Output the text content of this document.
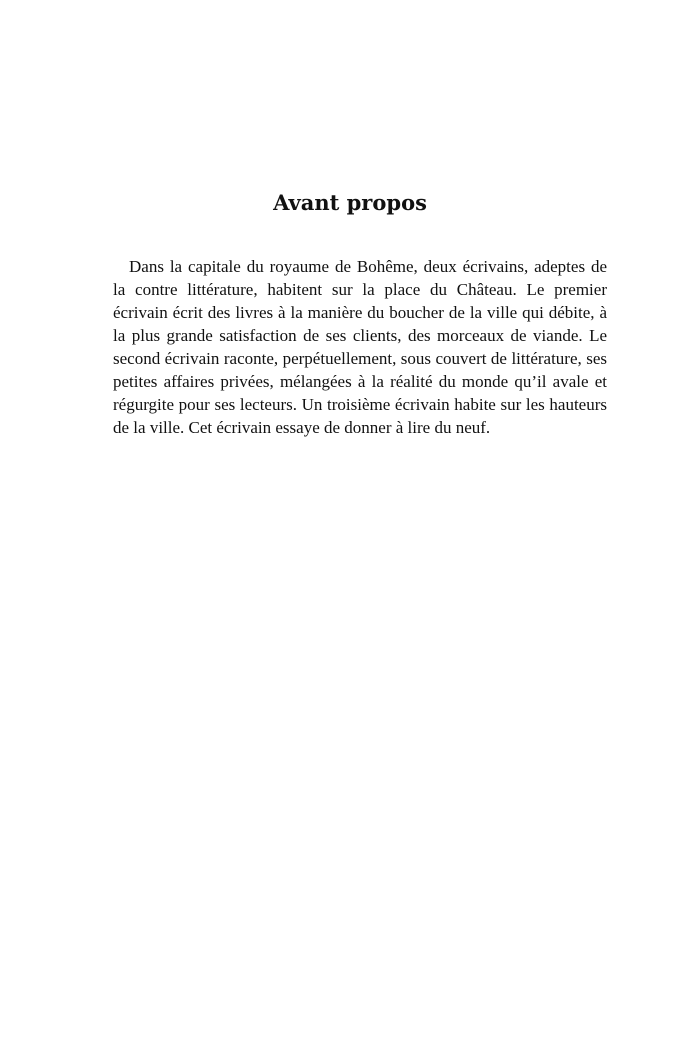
Avant propos

Dans la capitale du royaume de Bohême, deux écrivains, adeptes de la contre littérature, habitent sur la place du Château. Le premier écrivain écrit des livres à la manière du boucher de la ville qui débite, à la plus grande satisfaction de ses clients, des morceaux de viande. Le second écrivain raconte, perpétuellement, sous couvert de littérature, ses petites affaires privées, mélangées à la réalité du monde qu’il avale et régurgite pour ses lecteurs. Un troisième écrivain habite sur les hauteurs de la ville. Cet écrivain essaye de donner à lire du neuf.
